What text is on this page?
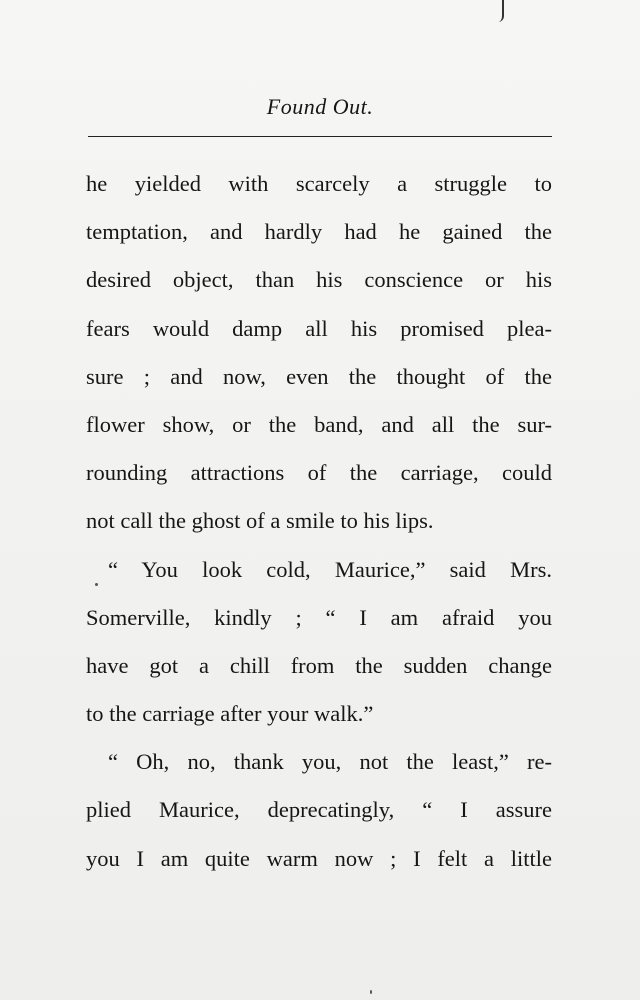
Found Out.
he yielded with scarcely a struggle to
temptation, and hardly had he gained the
desired object, than his conscience or his
fears would damp all his promised plea-
sure ; and now, even the thought of the
flower show, or the band, and all the sur-
rounding attractions of the carriage, could
not call the ghost of a smile to his lips.
“ You look cold, Maurice,” said Mrs.
Somerville, kindly ; “ I am afraid you
have got a chill from the sudden change
to the carriage after your walk.”
“ Oh, no, thank you, not the least,” re-
plied Maurice, deprecatingly, “ I assure
you I am quite warm now ; I felt a little
